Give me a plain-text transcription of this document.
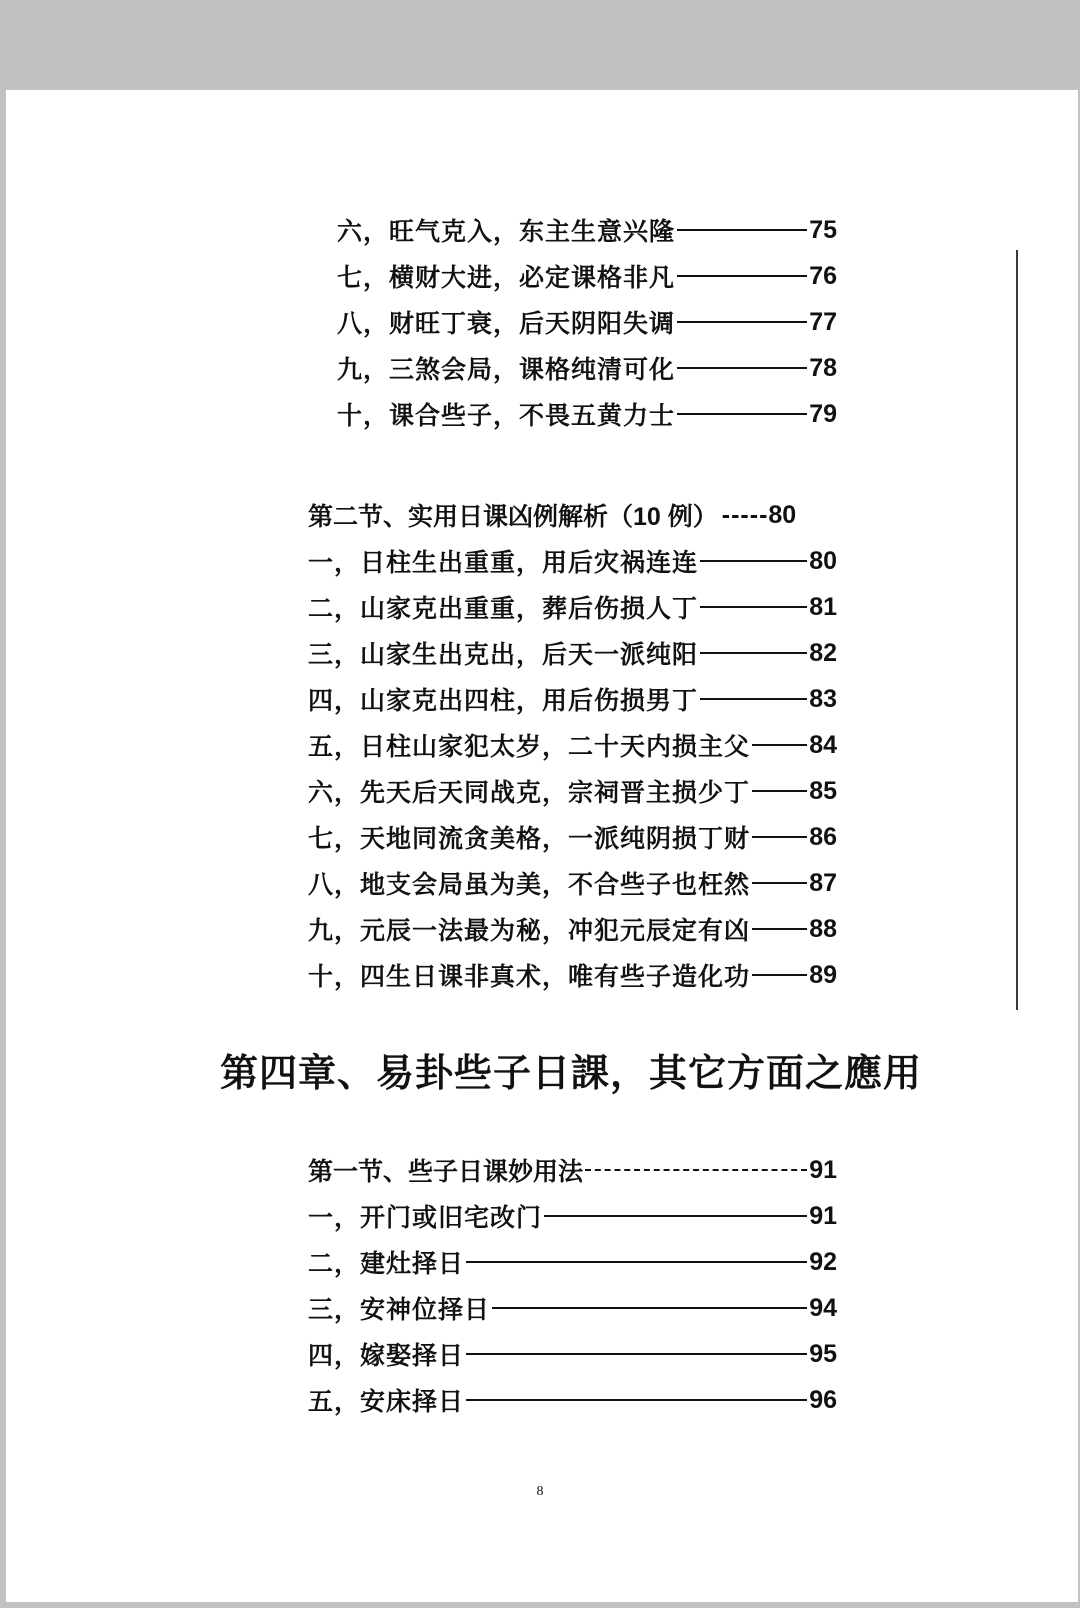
六，旺气克入，东主生意兴隆	75
七，横财大进，必定课格非凡	76
八，财旺丁衰，后天阴阳失调	77
九，三煞会局，课格纯清可化	78
十，课合些子，不畏五黄力士	79
第二节、实用日课凶例解析（10 例） ----- 80
一，日柱生出重重，用后灾祸连连	80
二，山家克出重重，葬后伤损人丁	81
三，山家生出克出，后天一派纯阳	82
四，山家克出四柱，用后伤损男丁	83
五，日柱山家犯太岁，二十天内损主父 84
六，先天后天同战克，宗祠晋主损少丁 85
七，天地同流贪美格，一派纯阴损丁财 86
八，地支会局虽为美，不合些子也枉然 87
九，元辰一法最为秘，冲犯元辰定有凶 88
十，四生日课非真术，唯有些子造化功 89
第四章、易卦些子日課，其它方面之應用
第一节、些子日课妙用法	91
一，开门或旧宅改门	91
二，建灶择日	92
三，安神位择日	94
四，嫁娶择日	95
五，安床择日	96
8
